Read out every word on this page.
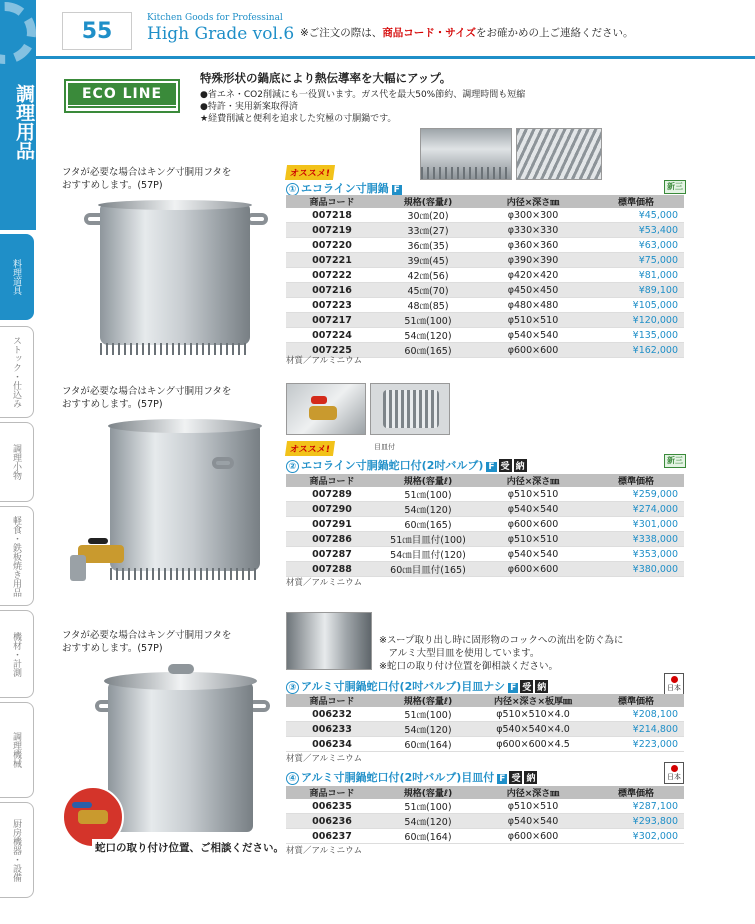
調理用品
料理道具
ストック・仕込み
調理小物
軽食・鉄板焼き用品
機材・計測
調理機械
厨房機器・設備
55
Kitchen Goods for Professinal
High Grade vol.6 ※ご注文の際は、商品コード・サイズをお確かめの上ご連絡ください。
ECO LINE
特殊形状の鍋底により熱伝導率を大幅にアップ。
●省エネ・CO2削減にも一役買います。ガス代を最大50%節約、調理時間も短縮
●特許・実用新案取得済
★経費削減と便利を追求した究極の寸胴鍋です。
フタが必要な場合はキング寸胴用フタを
おすすめします。(57P)
オススメ!
① エコライン寸胴鍋 F	新三
商品コード	規格(容量ℓ)	内径×深さ㎜	標準価格
007218	30㎝(20)	φ300×300	¥45,000
007219	33㎝(27)	φ330×330	¥53,400
007220	36㎝(35)	φ360×360	¥63,000
007221	39㎝(45)	φ390×390	¥75,000
007222	42㎝(56)	φ420×420	¥81,000
007216	45㎝(70)	φ450×450	¥89,100
007223	48㎝(85)	φ480×480	¥105,000
007217	51㎝(100)	φ510×510	¥120,000
007224	54㎝(120)	φ540×540	¥135,000
007225	60㎝(165)	φ600×600	¥162,000
材質／アルミニウム
目皿付
フタが必要な場合はキング寸胴用フタを
おすすめします。(57P)
オススメ!
② エコライン寸胴鍋蛇口付(2吋バルブ) F 受 納
新三
商品コード	規格(容量ℓ)	内径×深さ㎜	標準価格
007289	51㎝(100)	φ510×510	¥259,000
007290	54㎝(120)	φ540×540	¥274,000
007291	60㎝(165)	φ600×600	¥301,000
007286	51㎝目皿付(100)	φ510×510	¥338,000
007287	54㎝目皿付(120)	φ540×540	¥353,000
007288	60㎝目皿付(165)	φ600×600	¥380,000
材質／アルミニウム
※スープ取り出し時に固形物のコックへの流出を防ぐ為に
　アルミ大型目皿を使用しています。
※蛇口の取り付け位置を御相談ください。
フタが必要な場合はキング寸胴用フタを
おすすめします。(57P)
蛇口の取り付け位置、ご相談ください。
③ アルミ寸胴鍋蛇口付(2吋バルブ)目皿ナシ F 受 納	日本
商品コード	規格(容量ℓ)	内径×深さ×板厚㎜	標準価格
006232	51㎝(100)	φ510×510×4.0	¥208,100
006233	54㎝(120)	φ540×540×4.0	¥214,800
006234	60㎝(164)	φ600×600×4.5	¥223,000
材質／アルミニウム
④ アルミ寸胴鍋蛇口付(2吋バルブ)目皿付 F 受 納	日本
商品コード	規格(容量ℓ)	内径×深さ㎜	標準価格
006235	51㎝(100)	φ510×510	¥287,100
006236	54㎝(120)	φ540×540	¥293,800
006237	60㎝(164)	φ600×600	¥302,000
材質／アルミニウム
